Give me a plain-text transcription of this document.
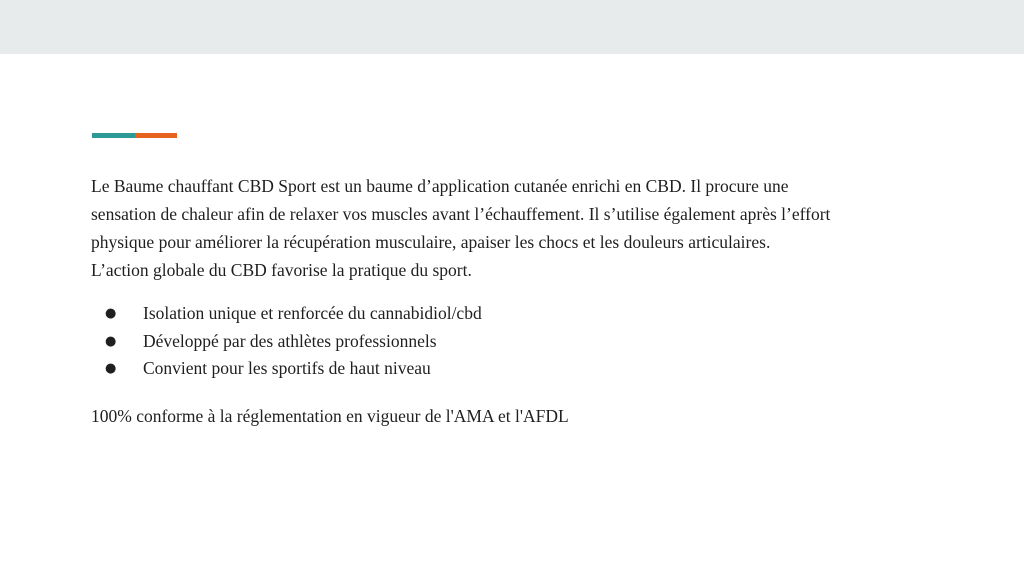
Le Baume chauffant CBD Sport est un baume d’application cutanée enrichi en CBD. Il procure une
sensation de chaleur afin de relaxer vos muscles avant l’échauffement. Il s’utilise également après l’effort
physique pour améliorer la récupération musculaire, apaiser les chocs et les douleurs articulaires.
L’action globale du CBD favorise la pratique du sport.

● Isolation unique et renforcée du cannabidiol/cbd
● Développé par des athlètes professionnels
● Convient pour les sportifs de haut niveau

100% conforme à la réglementation en vigueur de l'AMA et l'AFDL
